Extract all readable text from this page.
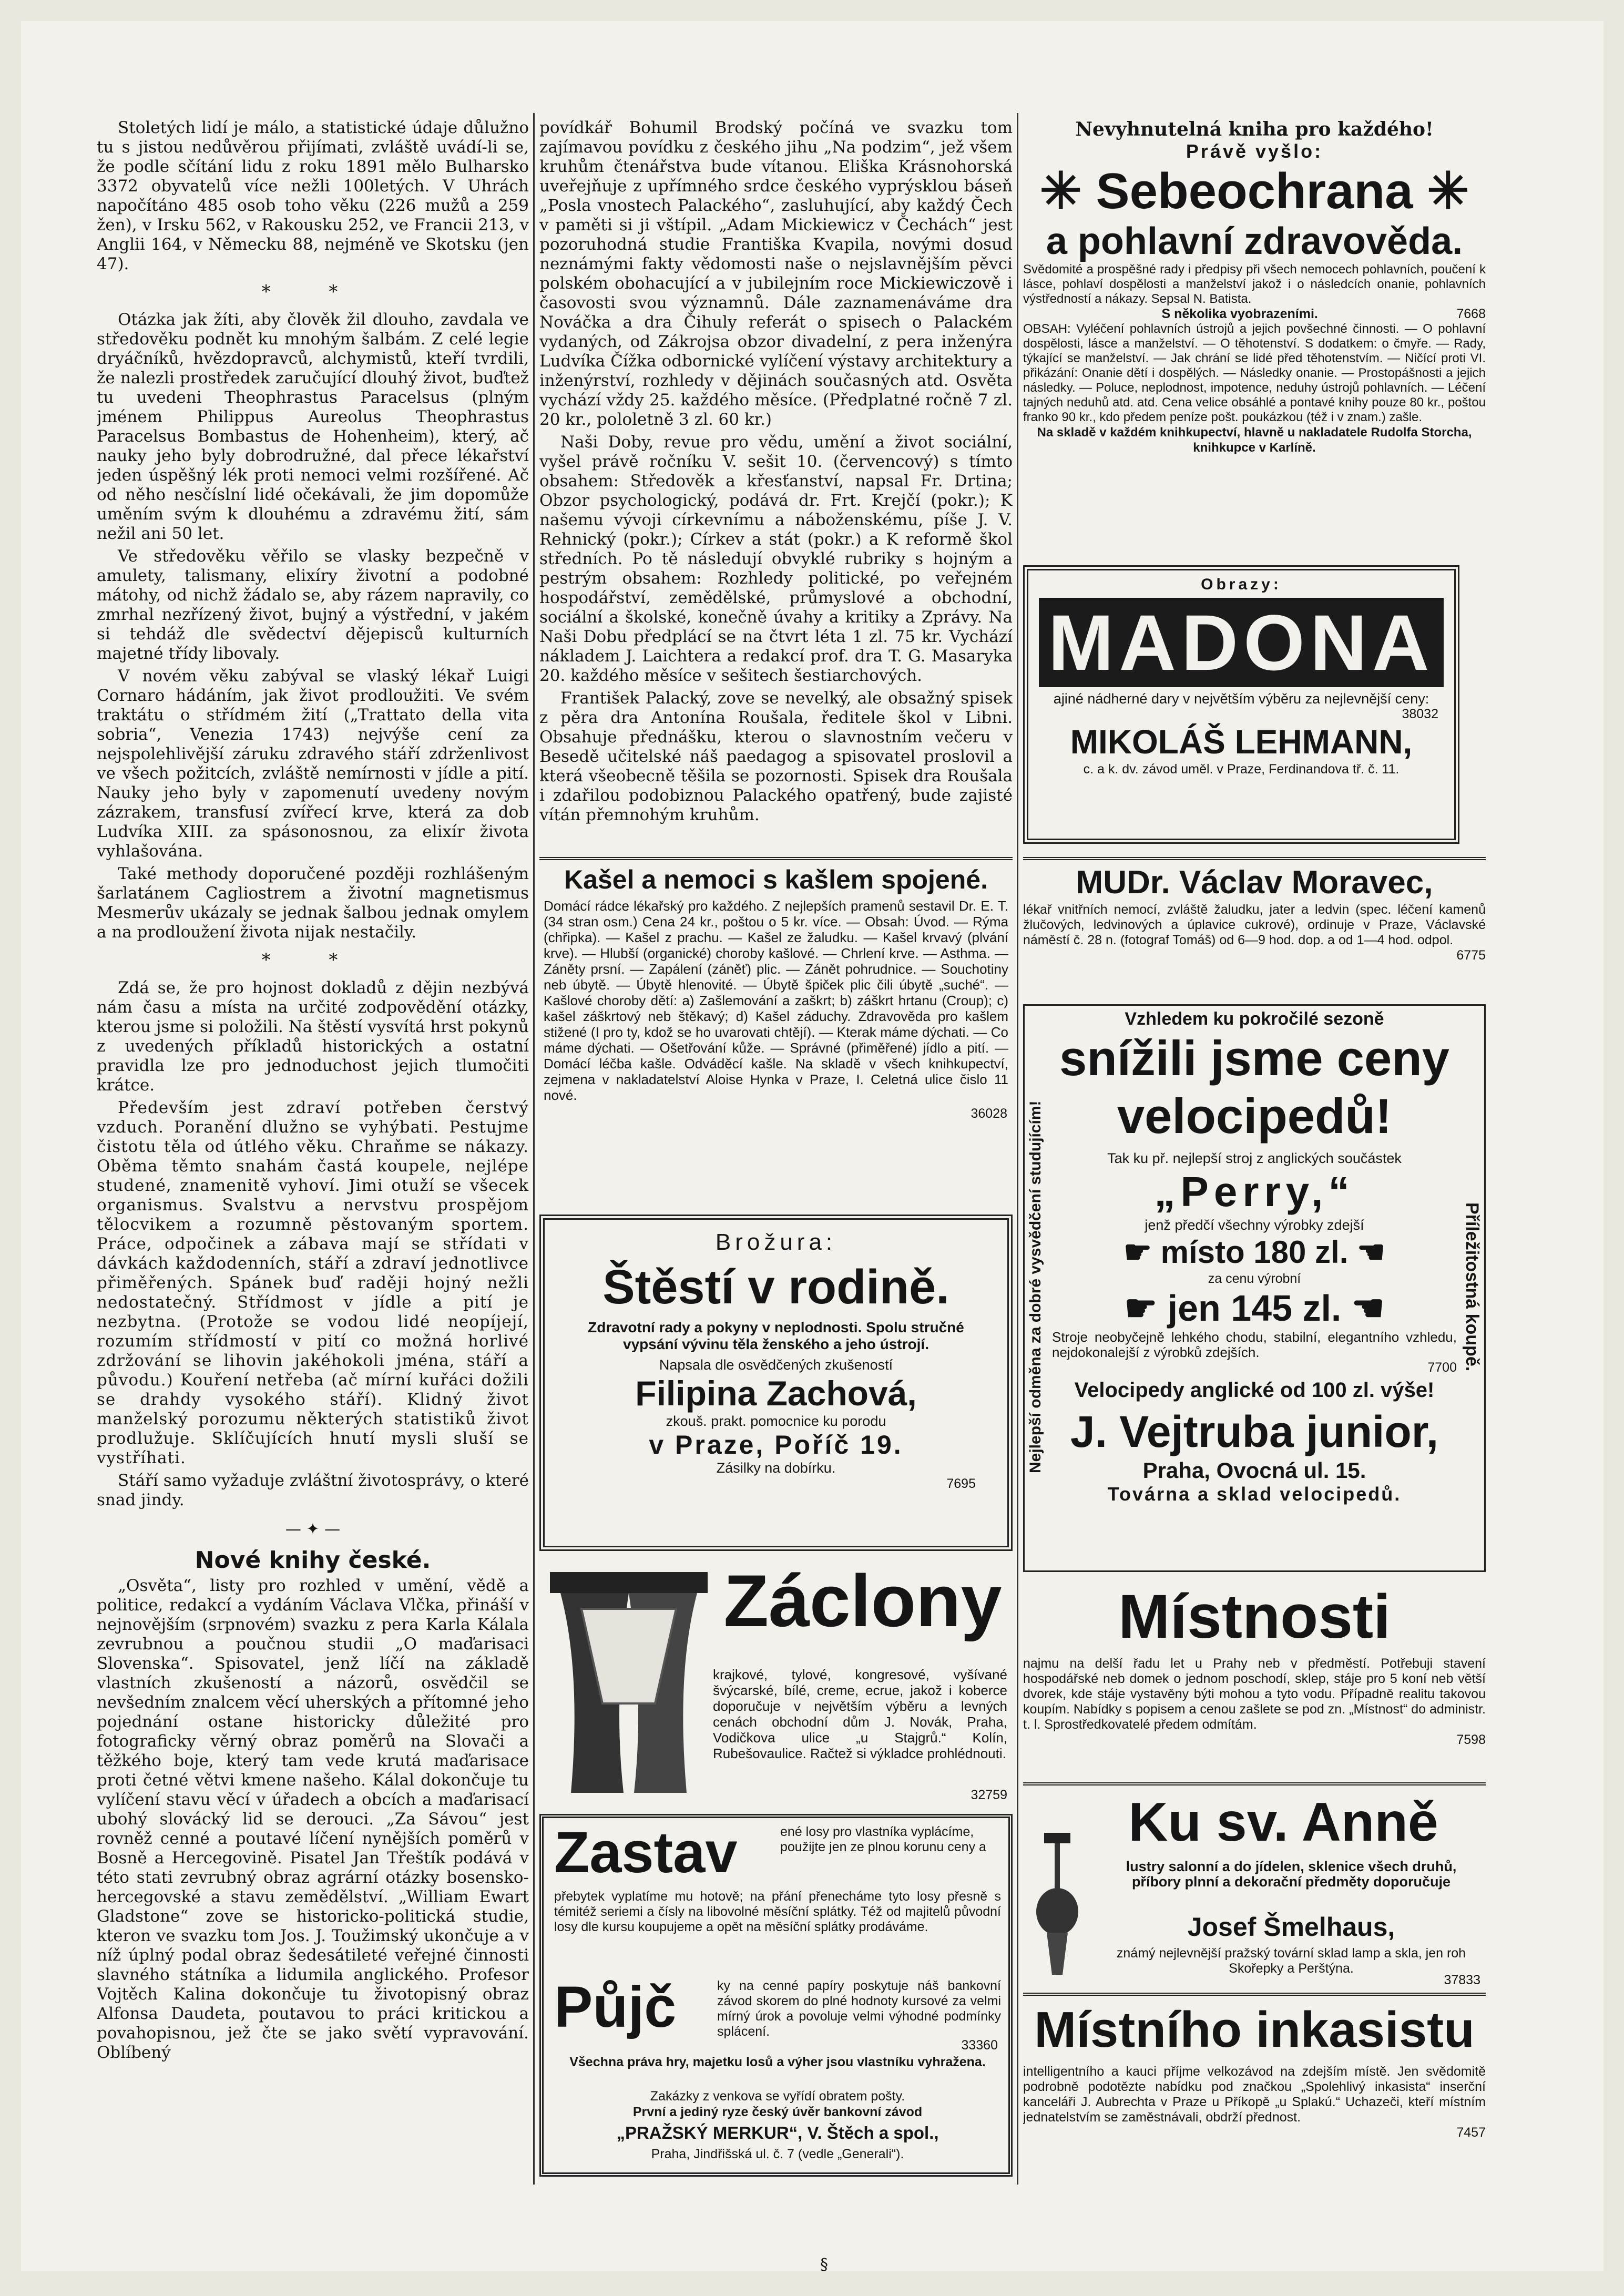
Stoletých lidí je málo, a statistické údaje důlužno tu s jistou nedůvěrou přijímati, zvláště uvádí-li se, že podle sčítání lidu z roku 1891 mělo Bulharsko 3372 obyvatelů více nežli 100letých. V Uhrách napočítáno 485 osob toho věku (226 mužů a 259 žen), v Irsku 562, v Rakousku 252, ve Francii 213, v Anglii 164, v Německu 88, nejméně ve Skotsku (jen 47).

* *

Otázka jak žíti, aby člověk žil dlouho, zavdala ve středověku podnět ku mnohým šalbám. Z celé legie dryáčníků, hvězdopravců, alchymistů, kteří tvrdili, že nalezli prostředek zaručující dlouhý život, buďtež tu uvedeni Theophrastus Paracelsus (plným jménem Philippus Aureolus Theophrastus Paracelsus Bombastus de Hohenheim), který, ač nauky jeho byly dobrodružné, dal přece lékařství jeden úspěšný lék proti nemoci velmi rozšířené. Ač od něho nesčíslní lidé očekávali, že jim dopomůže uměním svým k dlouhému a zdravému žití, sám nežil ani 50 let.

Ve středověku věřilo se vlasky bezpečně v amulety, talismany, elixíry životní a podobné mátohy, od nichž žádalo se, aby rázem napravily, co zmrhal nezřízený život, bujný a výstřední, v jakém si tehdáž dle svědectví dějepisců kulturních majetné třídy libovaly.

V novém věku zabýval se vlaský lékař Luigi Cornaro hádáním, jak život prodloužiti. Ve svém traktátu o střídmém žití („Trattato della vita sobria“, Venezia 1743) nejvýše cení za nejspolehlivější záruku zdravého stáří zdrženlivost ve všech požitcích, zvláště nemírnosti v jídle a pití. Nauky jeho byly v zapomenutí uvedeny novým zázrakem, transfusí zvířecí krve, která za dob Ludvíka XIII. za spásonosnou, za elixír života vyhlašována.

Také methody doporučené později rozhlášeným šarlatánem Cagliostrem a životní magnetismus Mesmerův ukázaly se jednak šalbou jednak omylem a na prodloužení života nijak nestačily.

* *

Zdá se, že pro hojnost dokladů z dějin nezbývá nám času a místa na určité zodpovědění otázky, kterou jsme si položili. Na štěstí vysvítá hrst pokynů z uvedených příkladů historických a ostatní pravidla lze pro jednoduchost jejich tlumočiti krátce.

Především jest zdraví potřeben čerstvý vzduch. Poranění dlužno se vyhýbati. Pestujme čistotu těla od útlého věku. Chraňme se nákazy. Oběma těmto snahám častá koupele, nejlépe studené, znamenitě vyhoví. Jimi otuží se všecek organismus. Svalstvu a nervstvu prospějom tělocvikem a rozumně pěstovaným sportem. Práce, odpočinek a zábava mají se střídati v dávkách každodenních, stáří a zdraví jednotlivce přiměřených. Spánek buď raději hojný nežli nedostatečný. Střídmost v jídle a pití je nezbytna. (Protože se vodou lidé neopíjejí, rozumím střídmostí v pití co možná horlivé zdržování se lihovin jakéhokoli jména, stáří a původu.) Kouření netřeba (ač mírní kuřáci dožili se drahdy vysokého stáří). Klidný život manželský porozumu některých statistiků život prodlužuje. Sklíčujících hnutí mysli sluší se vystříhati.

Stáří samo vyžaduje zvláštní životosprávy, o které snad jindy.

— ✦ —
Nové knihy české.

„Osvěta“, listy pro rozhled v umění, vědě a politice, redakcí a vydáním Václava Vlčka, přináší v nejnovějším (srpnovém) svazku z pera Karla Kálala zevrubnou a poučnou studii „O maďarisaci Slovenska“. Spisovatel, jenž líčí na základě vlastních zkušeností a názorů, osvědčil se nevšedním znalcem věcí uherských a přítomné jeho pojednání ostane historicky důležité pro fotograficky věrný obraz poměrů na Slovači a těžkého boje, který tam vede krutá maďarisace proti četné větvi kmene našeho. Kálal dokončuje tu vylíčení stavu věcí v úřadech a obcích a maďarisací ubohý slovácký lid se derouci. „Za Sávou“ jest rovněž cenné a poutavé líčení nynějších poměrů v Bosně a Hercegovině. Pisatel Jan Třeštík podává v této stati zevrubný obraz agrární otázky bosensko-hercegovské a stavu zemědělství. „William Ewart Gladstone“ zove se historicko-politická studie, kteron ve svazku tom Jos. J. Toužimský ukončuje a v níž úplný podal obraz šedesátileté veřejné činnosti slavného státníka a lidumila anglického. Profesor Vojtěch Kalina dokončuje tu životopisný obraz Alfonsa Daudeta, poutavou to práci kritickou a povahopisnou, jež čte se jako světí vypravování. Oblíbený

povídkář Bohumil Brodský počíná ve svazku tom zajímavou povídku z českého jihu „Na podzim“, jež všem kruhům čtenářstva bude vítanou. Eliška Krásnohorská uveřejňuje z upřímného srdce českého vyprýsklou báseň „Posla vnostech Palackého“, zasluhující, aby každý Čech v paměti si ji vštípil. „Adam Mickiewicz v Čechách“ jest pozoruhodná studie Františka Kvapila, novými dosud neznámými fakty vědomosti naše o nejslavnějším pěvci polském obohacující a v jubilejním roce Mickiewiczově i časovosti svou významnů. Dále zaznamenáváme dra Nováčka a dra Čihuly referát o spisech o Palackém vydaných, od Zákrojsa obzor divadelní, z pera inženýra Ludvíka Čížka odbornické vylíčení výstavy architektury a inženýrství, rozhledy v dějinách současných atd. Osvěta vychází vždy 25. každého měsíce. (Předplatné ročně 7 zl. 20 kr., pololetně 3 zl. 60 kr.)

Naši Doby, revue pro vědu, umění a život sociální, vyšel právě ročníku V. sešit 10. (červencový) s tímto obsahem: Středověk a křesťanství, napsal Fr. Drtina; Obzor psychologický, podává dr. Frt. Krejčí (pokr.); K našemu vývoji církevnímu a náboženskému, píše J. V. Rehnický (pokr.); Církev a stát (pokr.) a K reformě škol středních. Po tě následují obvyklé rubriky s hojným a pestrým obsahem: Rozhledy politické, po veřejném hospodářství, zemědělské, průmyslové a obchodní, sociální a školské, konečně úvahy a kritiky a Zprávy. Na Naši Dobu předplácí se na čtvrt léta 1 zl. 75 kr. Vychází nákladem J. Laichtera a redakcí prof. dra T. G. Masaryka 20. každého měsíce v sešitech šestiarchových.

František Palacký, zove se nevelký, ale obsažný spisek z pěra dra Antonína Roušala, ředitele škol v Libni. Obsahuje přednášku, kterou o slavnostním večeru v Besedě učitelské náš paedagog a spisovatel proslovil a která všeobecně těšila se pozornosti. Spisek dra Roušala i zdařilou podobiznou Palackého opatřený, bude zajisté vítán přemnohým kruhům.

Kašel a nemoci s kašlem spojené.
Domácí rádce lékařský pro každého. Z nejlepších pramenů sestavil Dr. E. T. (34 stran osm.) Cena 24 kr., poštou o 5 kr. více. — Obsah: Úvod. — Rýma (chřipka). — Kašel z prachu. — Kašel ze žaludku. — Kašel krvavý (plvání krve). — Hlubší (organické) choroby kašlové. — Chrlení krve. — Asthma. — Záněty prsní. — Zapálení (záněť) plic. — Zánět pohrudnice. — Souchotiny neb úbytě. — Úbytě hlenovité. — Úbytě špiček plic čili úbytě „suché“. — Kašlové choroby dětí: a) Zašlemování a zaškrt; b) záškrt hrtanu (Croup); c) kašel záškrtový neb štěkavý; d) Kašel záduchy. Zdravověda pro kašlem stižené (I pro ty, kdož se ho uvarovati chtějí). — Kterak máme dýchati. — Co máme dýchati. — Ošetřování kůže. — Správné (přiměřené) jídlo a pití. — Domácí léčba kašle. Odváděcí kašle. Na skladě v všech knihkupectví, zejmena v nakladatelství Aloise Hynka v Praze, I. Celetná ulice čislo 11 nové.
36028
Brožura:
Štěstí v rodině.
Zdravotní rady a pokyny v neplodnosti. Spolu stručné vypsání vývinu těla ženského a jeho ústrojí.
Napsala dle osvědčených zkušeností
Filipina Zachová,
zkouš. prakt. pomocnice ku porodu
v Praze, Poříč 19.
Zásilky na dobírku.
7695
Záclony
krajkové, tylové, kongresové, vyšívané švýcarské, bílé, creme, ecrue, jakož i koberce doporučuje v největším výběru a levných cenách obchodní dům J. Novák, Praha, Vodičkova ulice „u Stajgrů.“ Kolín, Rubešovaulice. Račtež si výkladce prohlédnouti.
32759
Zastav	ené losy pro vlastníka vyplácíme, použijte jen ze plnou korunu ceny a
přebytek vyplatíme mu hotově; na přání přenecháme tyto losy přesně s témitéž seriemi a čísly na libovolné měsíční splátky. Též od majitelů původní losy dle kursu koupujeme a opět na měsíční splátky prodáváme.
Půjč	ky na cenné papíry poskytuje náš bankovní závod skorem do plné hodnoty kursové za velmi mírný úrok a povoluje velmi výhodné podmínky splácení.
33360
Všechna práva hry, majetku losů a výher jsou vlastníku vyhražena.
Zakázky z venkova se vyřídí obratem pošty.
První a jediný ryze český úvěr bankovní závod
„PRAŽSKÝ MERKUR“, V. Štěch a spol.,
Praha, Jindřišská ul. č. 7 (vedle „Generali“).
Nevyhnutelná kniha pro každého!
Právě vyšlo:
✳ Sebeochrana ✳
a pohlavní zdravověda.
Svědomité a prospěšné rady i předpisy při všech nemocech pohlavních, poučení k lásce, pohlaví dospělosti a manželství jakož i o následcích onanie, pohlavních výstředností a nákazy. Sepsal N. Batista.
S několika vyobrazeními.	7668
OBSAH: Vyléčení pohlavních ústrojů a jejich povšechné činnosti. — O pohlavní dospělosti, lásce a manželství. — O těhotenství. S dodatkem: o čmyře. — Rady, týkající se manželství. — Jak chrání se lidé před těhotenstvím. — Ničící proti VI. přikázání: Onanie dětí i dospělých. — Následky onanie. — Prostopášnosti a jejich následky. — Poluce, neplodnost, impotence, neduhy ústrojů pohlavních. — Léčení tajných neduhů atd. atd. Cena velice obsáhlé a pontavé knihy pouze 80 kr., poštou franko 90 kr., kdo předem peníze pošt. poukázkou (též i v znam.) zašle.
Na skladě v každém knihkupectví, hlavně u nakladatele Rudolfa Storcha, knihkupce v Karlíně.
Obrazy:
MADONA
ajiné nádherné dary v největším výběru za nejlevnější ceny:
38032
MIKOLÁŠ LEHMANN,
c. a k. dv. závod uměl. v Praze, Ferdinandova tř. č. 11.
MUDr. Václav Moravec,
lékař vnitřních nemocí, zvláště žaludku, jater a ledvin (spec. léčení kamenů žlučových, ledvinových a úplavice cukrové), ordinuje v Praze, Václavské náměstí č. 28 n. (fotograf Tomáš) od 6—9 hod. dop. a od 1—4 hod. odpol.
6775
Nejlepší odměna za dobré vysvědčení studujícím!	Příležitostná koupě.
Vzhledem ku pokročilé sezoně
snížili jsme ceny
velocipedů!
Tak ku př. nejlepší stroj z anglických součástek
„Perry,“
jenž předčí všechny výrobky zdejší
☛ místo 180 zl. ☚
za cenu výrobní
☛ jen 145 zl. ☚
Stroje neobyčejně lehkého chodu, stabilní, elegantního vzhledu, nejdokonalejší z výrobků zdejších.
7700
Velocipedy anglické od 100 zl. výše!
J. Vejtruba junior,
Praha, Ovocná ul. 15.
Továrna a sklad velocipedů.
Místnosti
najmu na delší řadu let u Prahy neb v předměstí. Potřebuji stavení hospodářské neb domek o jednom poschodí, sklep, stáje pro 5 koní neb větší dvorek, kde stáje vystavěny býti mohou a tyto vodu. Případně realitu takovou koupím. Nabídky s popisem a cenou zašlete se pod zn. „Místnost“ do administr. t. l. Sprostředkovatelé předem odmítám.
7598
Ku sv. Anně
lustry salonní a do jídelen, sklenice všech druhů, příbory plnní a dekorační předměty doporučuje
Josef Šmelhaus,
známý nejlevnější pražský tovární sklad lamp a skla, jen roh Skořepky a Perštýna.
37833
Místního inkasistu
intelligentního a kauci příjme velkozávod na zdejším místě. Jen svědomitě podrobně podotězte nabídku pod značkou „Spolehlivý inkasista“ inserční kanceláři J. Aubrechta v Praze u Příkopě „u Splakú.“ Uchazeči, kteří místním jednatelstvím se zaměstnávali, obdrží přednost.
7457
§
